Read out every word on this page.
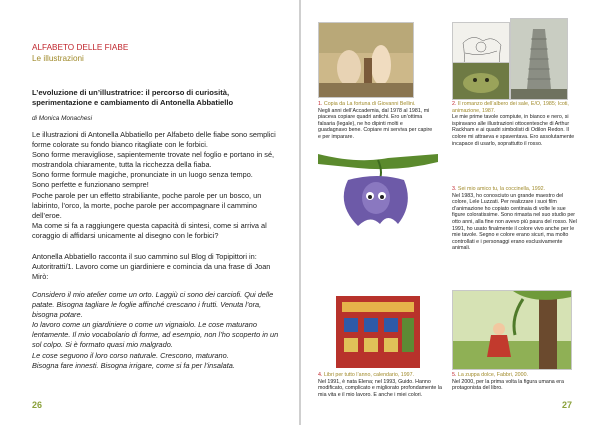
ALFABETO DELLE FIABE
Le illustrazioni
L’evoluzione di un’illustratrice: il percorso di curiosità, sperimentazione e cambiamento di Antonella Abbatiello
di Monica Monachesi

Le illustrazioni di Antonella Abbatiello per Alfabeto delle fiabe sono semplici forme colorate su fondo bianco ritagliate con le forbici.

Sono forme meravigliose, sapientemente trovate nel foglio e portano in sé, mostrandola chiaramente, tutta la ricchezza della fiaba.

Sono forme formule magiche, pronunciate in un luogo senza tempo.

Sono perfette e funzionano sempre!

Poche parole per un effetto strabiliante, poche parole per un bosco, un labirinto, l’orco, la morte, poche parole per accompagnare il cammino dell’eroe.

Ma come si fa a raggiungere questa capacità di sintesi, come si arriva al coraggio di affidarsi unicamente al disegno con le forbici?

Antonella Abbatiello racconta il suo cammino sul Blog di Topipittori in: Autoritratti/1. Lavoro come un giardiniere e comincia da una frase di Joan Mirò:

Considero il mio atelier come un orto. Laggiù ci sono dei carciofi. Qui delle patate. Bisogna tagliare le foglie affinché crescano i frutti. Venuta l’ora, bisogna potare.

Io lavoro come un giardiniere o come un vignaiolo. Le cose maturano lentamente. Il mio vocabolario di forme, ad esempio, non l’ho scoperto in un sol colpo. Si è formato quasi mio malgrado.

Le cose seguono il loro corso naturale. Crescono, maturano.

Bisogna fare innesti. Bisogna irrigare, come si fa per l’insalata.

26
1. Copia da La fortuna di Giovanni Bellini.
Negli anni dell’Accademia, dal 1978 al 1981, mi piaceva copiare quadri antichi. Ero un’ottima falsaria (legale), ne ho dipinti molti e guadagnavo bene. Copiare mi serviva per capire e per imparare.
2. Il romanzo dell’albero dei sale, E/O, 1985; Icoti, animazione, 1987.
Le mie prime tavole compiute, in bianco e nero, si ispiravano alle illustrazioni ottocentesche di Arthur Rackham e ai quadri simbolisti di Odilon Redon. Il colore mi attraeva e spaventava. Ero assolutamente incapace di usarlo, soprattutto il rosso.
3. Sei mio amico tu, la coccinella, 1992.
Nel 1983, ho conosciuto un grande maestro del colore, Lele Luzzati. Per realizzare i suoi film d’animazione ho copiato centinaia di volte le sue figure coloratissime. Sono rimasta nel suo studio per otto anni, alla fine non avevo più paura del rosso. Nel 1991, ho usato finalmente il colore vivo anche per le mie tavole. Segno e colore erano sicuri, ma molto controllati e i personaggi erano esclusivamente animali.
4. Libri per tutto l’anno, calendario, 1997.
Nel 1991, è nata Elena; nel 1993, Guido. Hanno modificato, complicato e migliorato profondamente la mia vita e il mio lavoro. E anche i miei colori.
5. La zuppa dolce, Fabbri, 2000.
Nel 2000, per la prima volta la figura umana era protagonista del libro.
27
